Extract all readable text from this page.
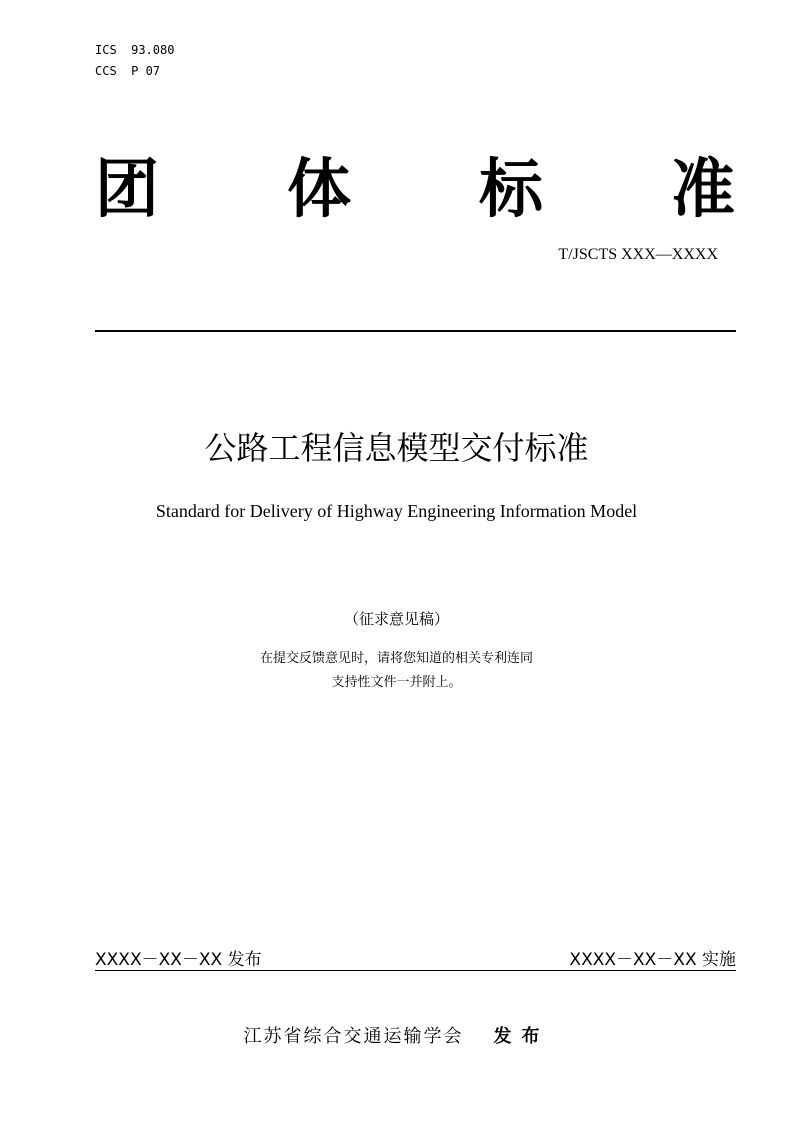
ICS  93.080
CCS  P 07
团 体 标 准
T/JSCTS XXX—XXXX
公路工程信息模型交付标准
Standard for Delivery of Highway Engineering Information Model
（征求意见稿）
在提交反馈意见时，请将您知道的相关专利连同
支持性文件一并附上。
XXXX－XX－XX 发布	XXXX－XX－XX 实施
江苏省综合交通运输学会 发布
